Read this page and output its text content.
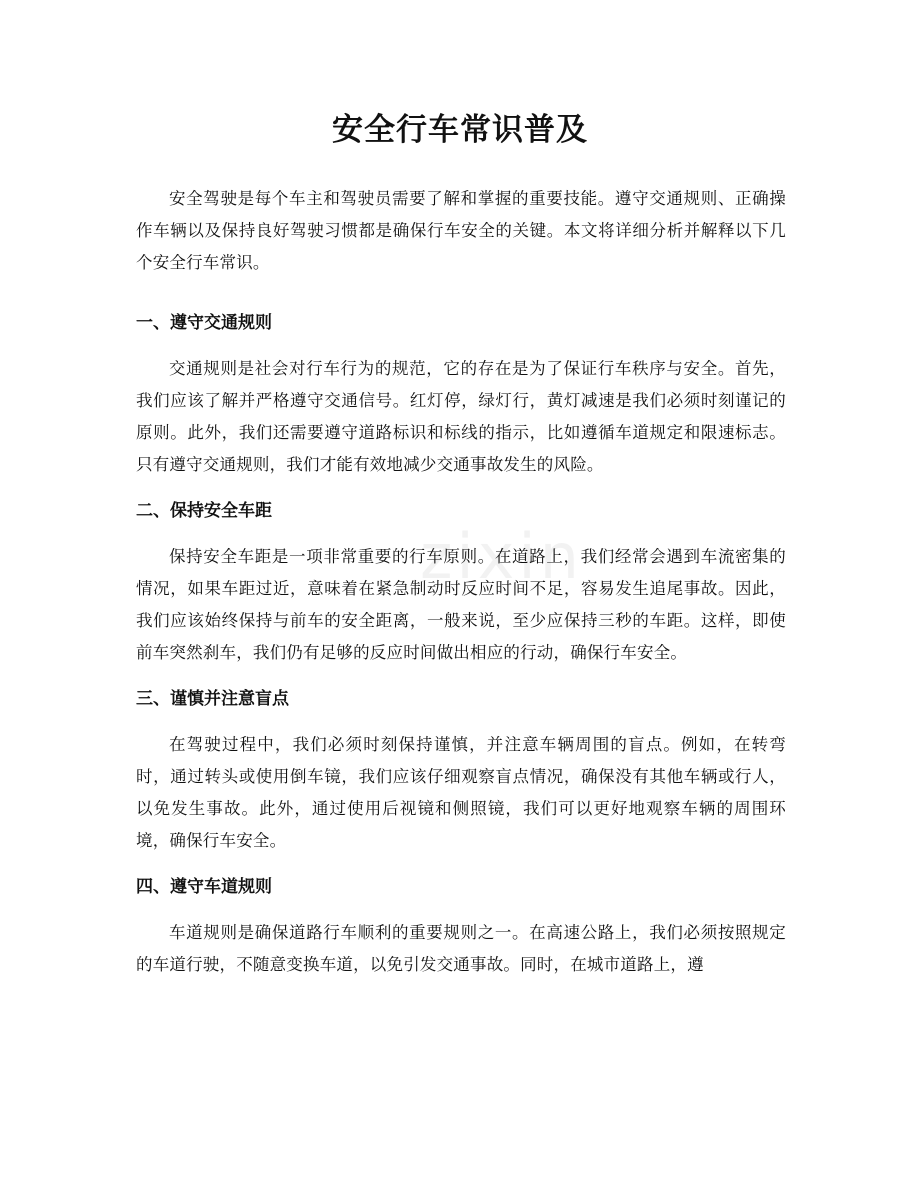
zixin
安全行车常识普及

安全驾驶是每个车主和驾驶员需要了解和掌握的重要技能。遵守交通规则、正确操作车辆以及保持良好驾驶习惯都是确保行车安全的关键。本文将详细分析并解释以下几个安全行车常识。

一、遵守交通规则

交通规则是社会对行车行为的规范，它的存在是为了保证行车秩序与安全。首先，我们应该了解并严格遵守交通信号。红灯停，绿灯行，黄灯减速是我们必须时刻谨记的原则。此外，我们还需要遵守道路标识和标线的指示，比如遵循车道规定和限速标志。只有遵守交通规则，我们才能有效地减少交通事故发生的风险。

二、保持安全车距

保持安全车距是一项非常重要的行车原则。在道路上，我们经常会遇到车流密集的情况，如果车距过近，意味着在紧急制动时反应时间不足，容易发生追尾事故。因此，我们应该始终保持与前车的安全距离，一般来说，至少应保持三秒的车距。这样，即使前车突然刹车，我们仍有足够的反应时间做出相应的行动，确保行车安全。

三、谨慎并注意盲点

在驾驶过程中，我们必须时刻保持谨慎，并注意车辆周围的盲点。例如，在转弯时，通过转头或使用倒车镜，我们应该仔细观察盲点情况，确保没有其他车辆或行人，以免发生事故。此外，通过使用后视镜和侧照镜，我们可以更好地观察车辆的周围环境，确保行车安全。

四、遵守车道规则

车道规则是确保道路行车顺利的重要规则之一。在高速公路上，我们必须按照规定的车道行驶，不随意变换车道，以免引发交通事故。同时，在城市道路上，遵
